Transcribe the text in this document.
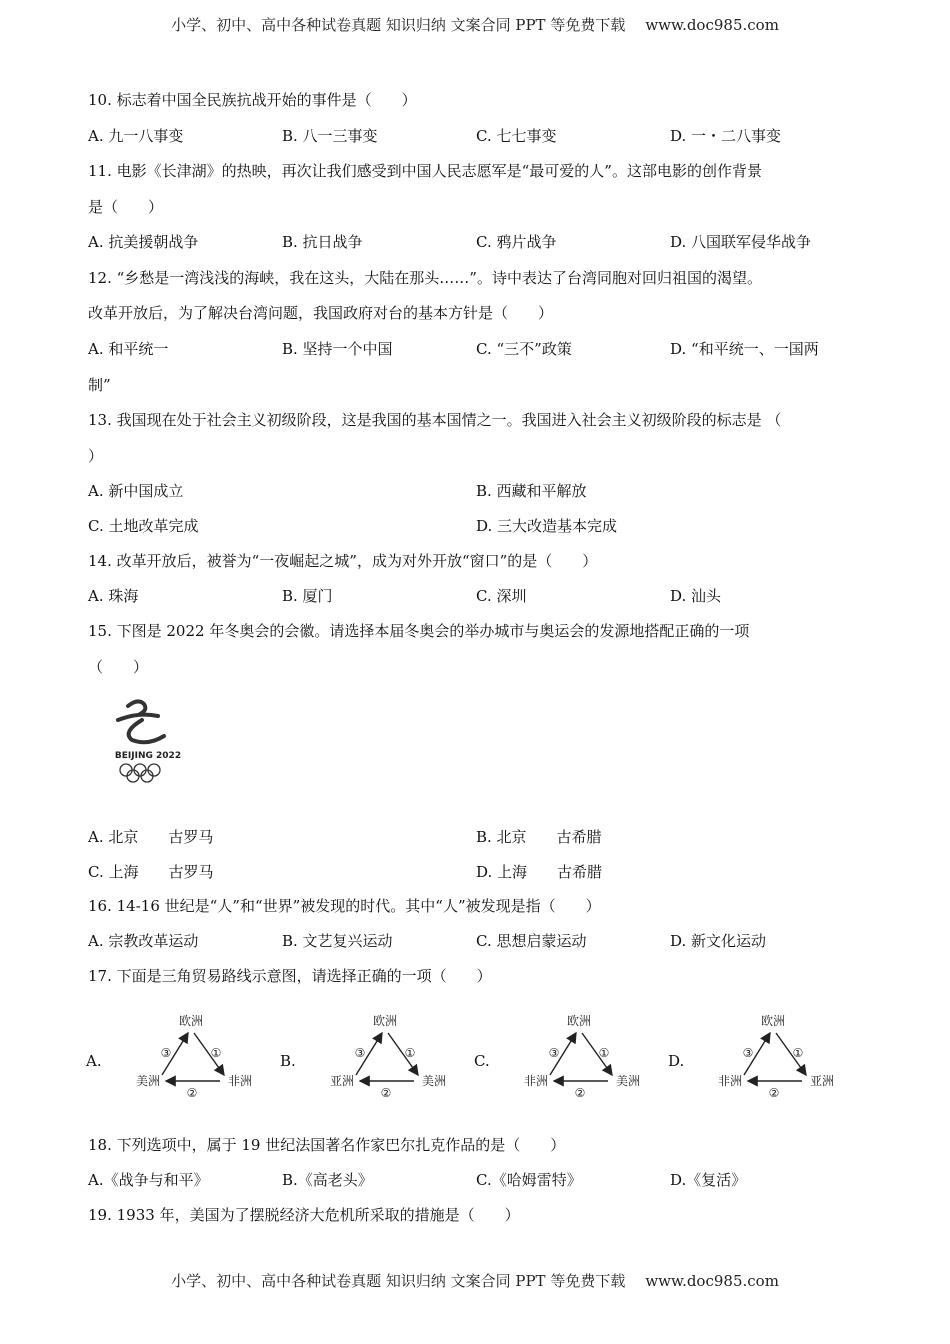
小学、初中、高中各种试卷真题 知识归纳 文案合同 PPT 等免费下载 www.doc985.com
10. 标志着中国全民族抗战开始的事件是（　　）
A. 九一八事变	B. 八一三事变	C. 七七事变	D. 一・二八事变
11. 电影《长津湖》的热映，再次让我们感受到中国人民志愿军是“最可爱的人”。这部电影的创作背景
是（　　）
A. 抗美援朝战争	B. 抗日战争	C. 鸦片战争	D. 八国联军侵华战争
12. “乡愁是一湾浅浅的海峡，我在这头，大陆在那头……”。诗中表达了台湾同胞对回归祖国的渴望。
改革开放后，为了解决台湾问题，我国政府对台的基本方针是（　　）
A. 和平统一	B. 坚持一个中国	C. “三不”政策	D. “和平统一、一国两
制”
13. 我国现在处于社会主义初级阶段，这是我国的基本国情之一。我国进入社会主义初级阶段的标志是 （
）
A. 新中国成立	B. 西藏和平解放
C. 土地改革完成	D. 三大改造基本完成
14. 改革开放后，被誉为“一夜崛起之城”，成为对外开放“窗口”的是（　　）
A. 珠海	B. 厦门	C. 深圳	D. 汕头
15. 下图是 2022 年冬奥会的会徽。请选择本届冬奥会的举办城市与奥运会的发源地搭配正确的一项
（　　）
BEIJING 2022
A. 北京　　古罗马	B. 北京　　古希腊
C. 上海　　古罗马	D. 上海　　古希腊
16. 14-16 世纪是“人”和“世界”被发现的时代。其中“人”被发现是指（　　）
A. 宗教改革运动	B. 文艺复兴运动	C. 思想启蒙运动	D. 新文化运动
17. 下面是三角贸易路线示意图，请选择正确的一项（　　）
A.
欧洲
美洲	非洲
①
②
③	B.
欧洲
亚洲	美洲
①
②
③	C.
欧洲
非洲	美洲
①
②
③	D.
欧洲
非洲	亚洲
①
②
③
18. 下列选项中，属于 19 世纪法国著名作家巴尔扎克作品的是（　　）
A.《战争与和平》	B.《高老头》	C.《哈姆雷特》	D.《复活》
19. 1933 年，美国为了摆脱经济大危机所采取的措施是（　　）
小学、初中、高中各种试卷真题 知识归纳 文案合同 PPT 等免费下载 www.doc985.com
